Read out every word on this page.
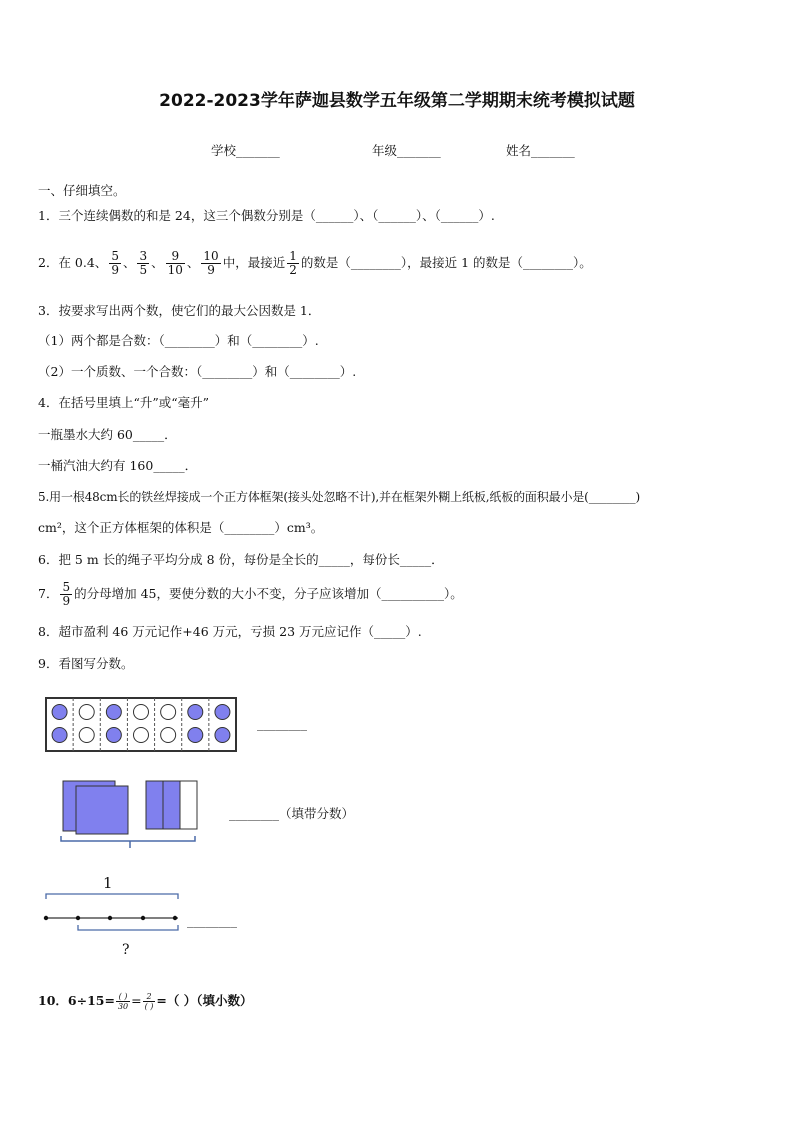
2022-2023学年萨迦县数学五年级第二学期期末统考模拟试题
学校_______	年级_______	姓名_______
一、仔细填空。
1．三个连续偶数的和是 24，这三个偶数分别是（______）、（______）、（______）.
2．在 0.4、 $\frac{5}{9}$ 、 $\frac{3}{5}$ 、 $\frac{9}{10}$ 、 $\frac{10}{9}$ 中，最接近 $\frac{1}{2}$ 的数是（________），最接近 1 的数是（________）。
3．按要求写出两个数，使它们的最大公因数是 1．
（1）两个都是合数：（________）和（________）.
（2）一个质数、一个合数：（________）和（________）.
4．在括号里填上“升”或“毫升”
一瓶墨水大约 60_____．
一桶汽油大约有 160_____．
5.用一根48cm长的铁丝焊接成一个正方体框架(接头处忽略不计),并在框架外糊上纸板,纸板的面积最小是(________)
cm²，这个正方体框架的体积是（________）cm³。
6．把 5 m 长的绳子平均分成 8 份，每份是全长的_____，每份长_____．
7． $\frac{5}{9}$ 的分母增加 45，要使分数的大小不变，分子应该增加（__________）。
8．超市盈利 46 万元记作+46 万元，亏损 23 万元应记作（_____）.
9．看图写分数。
________
________（填带分数）
1
?
________
10．$6\div 15= \frac{( )}{30} = \frac{2}{( )}$ =（ ）（填小数）
